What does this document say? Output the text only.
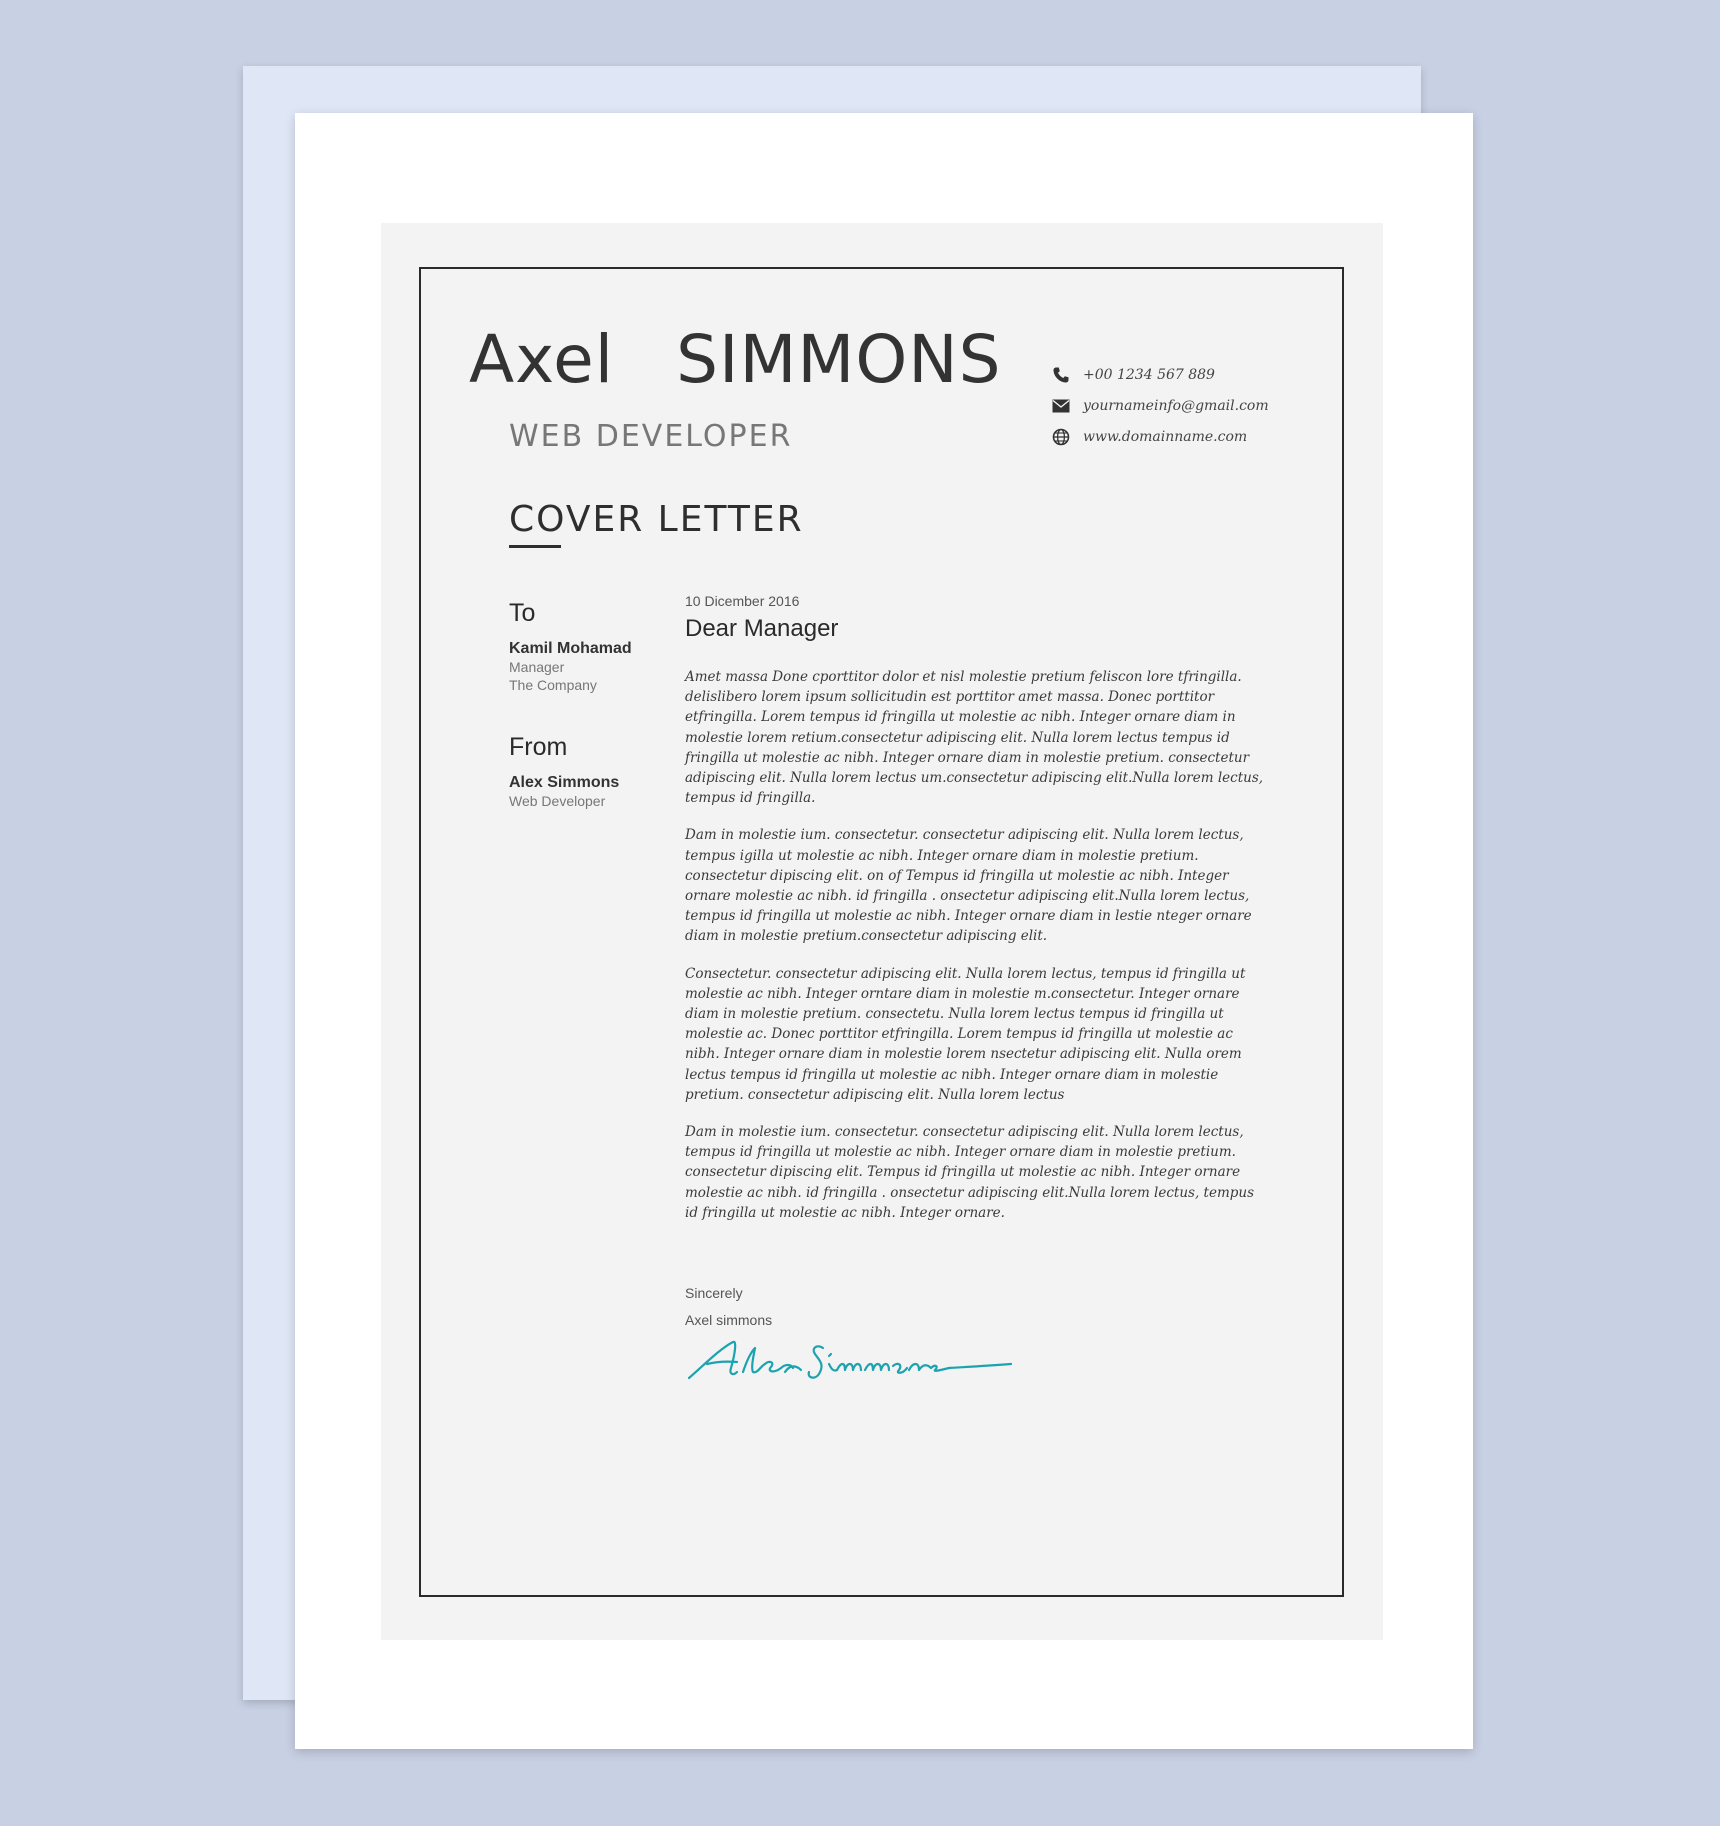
Axel SIMMONS
WEB DEVELOPER
+00 1234 567 889
yournameinfo@gmail.com
www.domainname.com
COVER LETTER
To
Kamil Mohamad
Manager
The Company
From
Alex Simmons
Web Developer
10 Dicember 2016
Dear Manager

Amet massa Done cporttitor dolor et nisl molestie pretium feliscon lore tfringilla. delislibero lorem ipsum sollicitudin est porttitor amet massa. Donec porttitor etfringilla. Lorem tempus id fringilla ut molestie ac nibh. Integer ornare diam in molestie lorem retium.consectetur adipiscing elit. Nulla lorem lectus tempus id fringilla ut molestie ac nibh. Integer ornare diam in molestie pretium. consectetur adipiscing elit. Nulla lorem lectus um.consectetur adipiscing elit.Nulla lorem lectus, tempus id fringilla.

Dam in molestie ium. consectetur. consectetur adipiscing elit. Nulla lorem lectus, tempus igilla ut molestie ac nibh. Integer ornare diam in molestie pretium. consectetur dipiscing elit. on of Tempus id fringilla ut molestie ac nibh. Integer ornare molestie ac nibh. id fringilla . onsectetur adipiscing elit.Nulla lorem lectus, tempus id fringilla ut molestie ac nibh. Integer ornare diam in lestie nteger ornare diam in molestie pretium.consectetur adipiscing elit.

Consectetur. consectetur adipiscing elit. Nulla lorem lectus, tempus id fringilla ut molestie ac nibh. Integer orntare diam in molestie m.consectetur. Integer ornare diam in molestie pretium. consectetu. Nulla lorem lectus tempus id fringilla ut molestie ac. Donec porttitor etfringilla. Lorem tempus id fringilla ut molestie ac nibh. Integer ornare diam in molestie lorem nsectetur adipiscing elit. Nulla orem lectus tempus id fringilla ut molestie ac nibh. Integer ornare diam in molestie pretium. consectetur adipiscing elit. Nulla lorem lectus

Dam in molestie ium. consectetur. consectetur adipiscing elit. Nulla lorem lectus, tempus id fringilla ut molestie ac nibh. Integer ornare diam in molestie pretium. consectetur dipiscing elit. Tempus id fringilla ut molestie ac nibh. Integer ornare molestie ac nibh. id fringilla . onsectetur adipiscing elit.Nulla lorem lectus, tempus id fringilla ut molestie ac nibh. Integer ornare.

Sincerely
Axel simmons
